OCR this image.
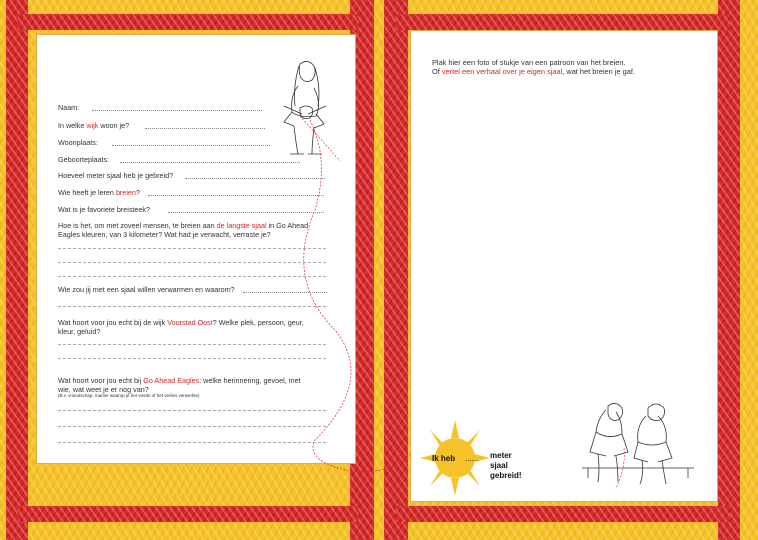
Naam:
In welke wijk woon je?
Woonplaats:
Geboorteplaats:
Hoeveel meter sjaal heb je gebreid?
Wie heeft je leren breien?
Wat is je favoriete breisteek?
Hoe is het, om met zoveel mensen, te breien aan de langste sjaal in Go Ahead
Eagles kleuren, van 3 kilometer? Wat had je verwacht, verraste je?
Wie zou jij met een sjaal willen verwarmen en waarom?
Wat hoort voor jou echt bij de wijk Voorstad Oost? Welke plek, persoon, geur,
kleur, geluid?
Wat hoort voor jou echt bij Go Ahead Eagles: welke herinnering, gevoel, met
wie, wat weet je er nog van?
(B.v. vriendschap, manier waarop je het vierde of het verlies verwerkte)
Plak hier een foto of stukje van een patroon van het breien.
Of vertel een verhaal over je eigen sjaal, wat het breien je gaf.
Ik heb ...... meter
sjaal
gebreid!
